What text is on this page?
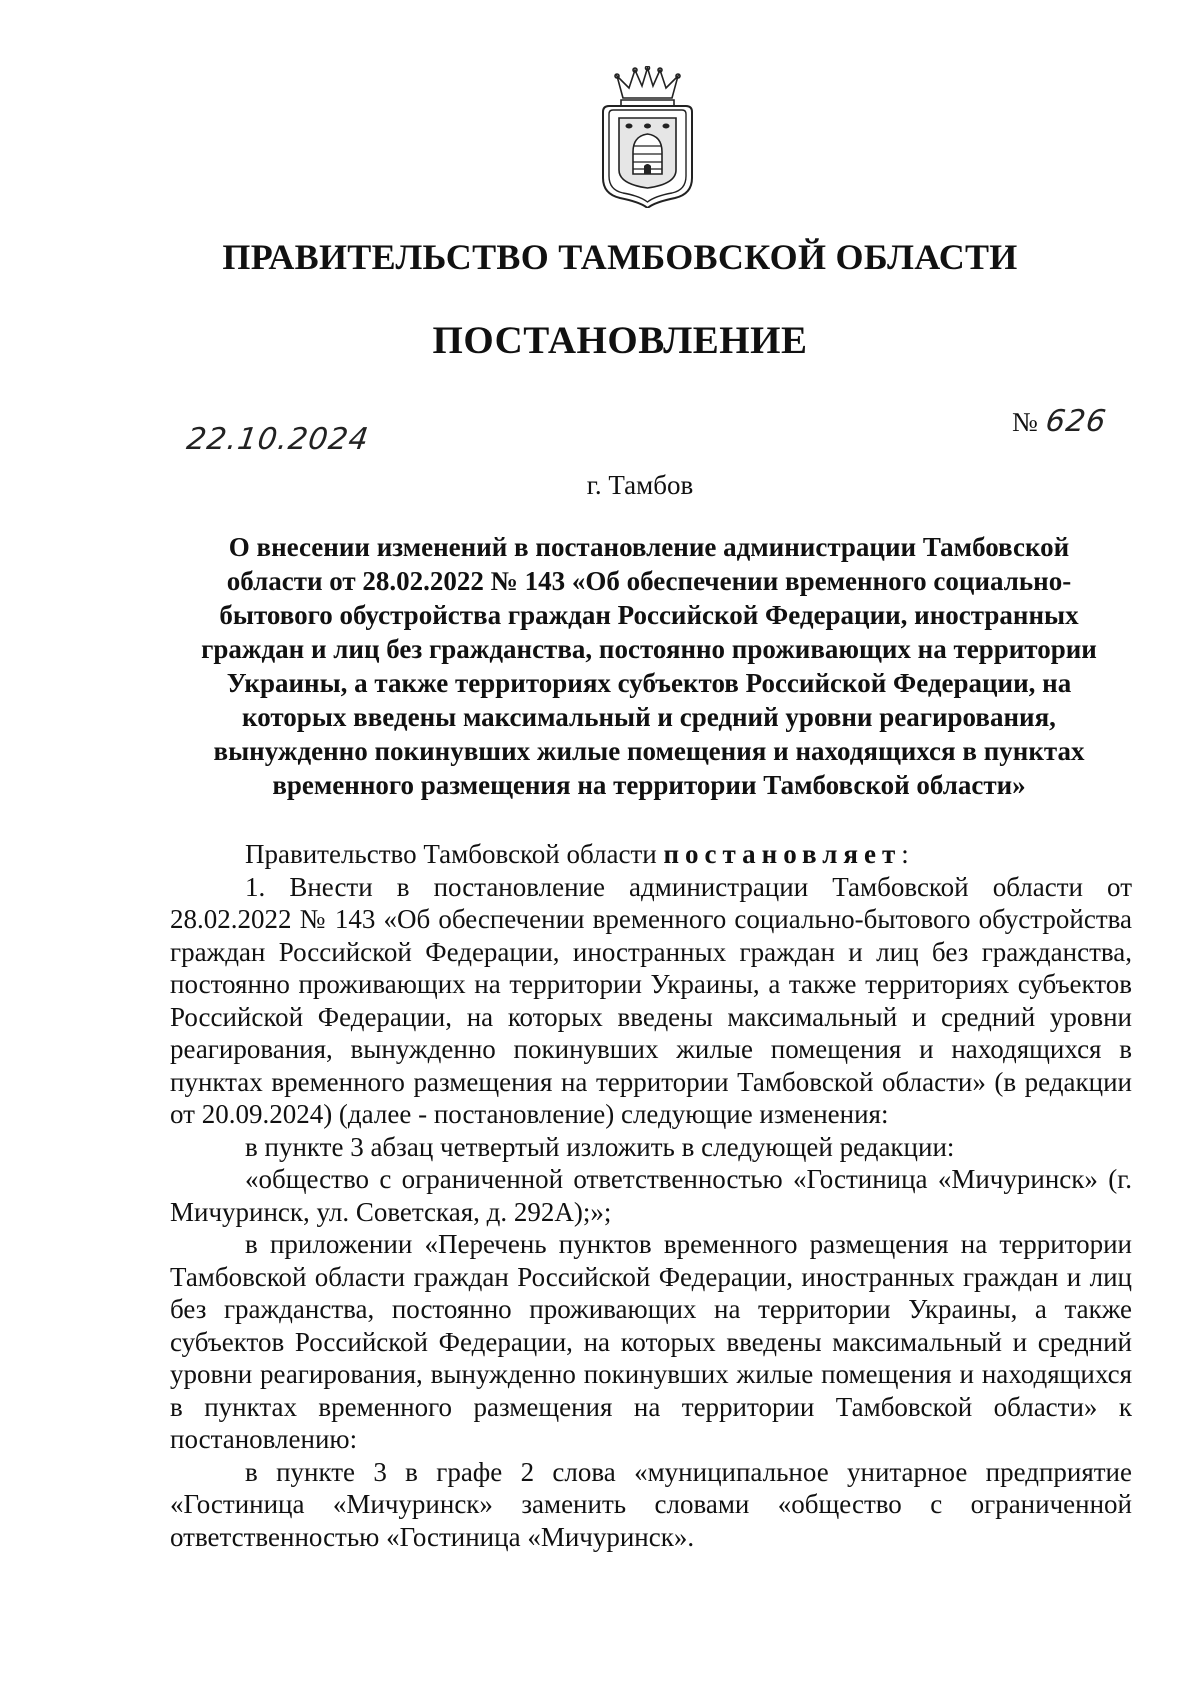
ПРАВИТЕЛЬСТВО ТАМБОВСКОЙ ОБЛАСТИ
ПОСТАНОВЛЕНИЕ
22.10.2024	№ 626
г. Тамбов
О внесении изменений в постановление администрации Тамбовской области от 28.02.2022 № 143 «Об обеспечении временного социально-бытового обустройства граждан Российской Федерации, иностранных граждан и лиц без гражданства, постоянно проживающих на территории Украины, а также территориях субъектов Российской Федерации, на которых введены максимальный и средний уровни реагирования, вынужденно покинувших жилые помещения и находящихся в пунктах временного размещения на территории Тамбовской области»

Правительство Тамбовской области постановляет:

1. Внести в постановление администрации Тамбовской области от 28.02.2022 № 143 «Об обеспечении временного социально-бытового обустройства граждан Российской Федерации, иностранных граждан и лиц без гражданства, постоянно проживающих на территории Украины, а также территориях субъектов Российской Федерации, на которых введены максимальный и средний уровни реагирования, вынужденно покинувших жилые помещения и находящихся в пунктах временного размещения на территории Тамбовской области» (в редакции от 20.09.2024) (далее - постановление) следующие изменения:

в пункте 3 абзац четвертый изложить в следующей редакции:

«общество с ограниченной ответственностью «Гостиница «Мичуринск» (г. Мичуринск, ул. Советская, д. 292А);»;

в приложении «Перечень пунктов временного размещения на территории Тамбовской области граждан Российской Федерации, иностранных граждан и лиц без гражданства, постоянно проживающих на территории Украины, а также субъектов Российской Федерации, на которых введены максимальный и средний уровни реагирования, вынужденно покинувших жилые помещения и находящихся в пунктах временного размещения на территории Тамбовской области» к постановлению:

в пункте 3 в графе 2 слова «муниципальное унитарное предприятие «Гостиница «Мичуринск» заменить словами «общество с ограниченной ответственностью «Гостиница «Мичуринск».
